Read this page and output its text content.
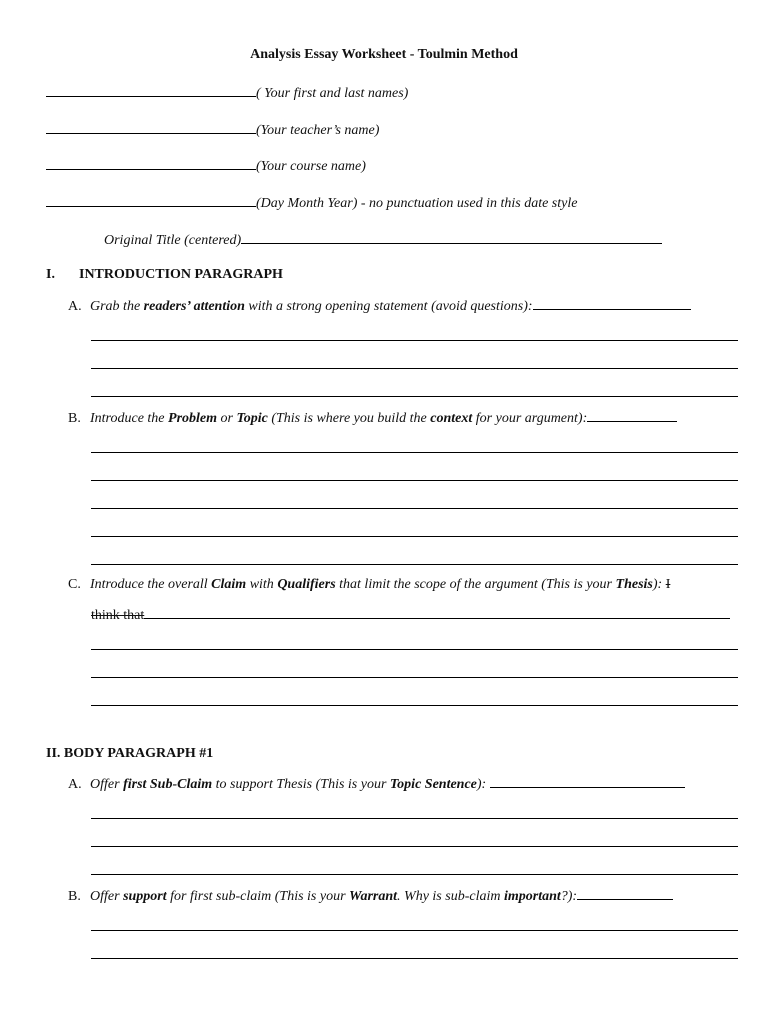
Analysis Essay Worksheet - Toulmin Method
( Your first and last names)
(Your teacher’s name)
(Your course name)
(Day Month Year) - no punctuation used in this date style
Original Title (centered)
I. INTRODUCTION PARAGRAPH
A. Grab the readers’ attention with a strong opening statement (avoid questions):
B. Introduce the Problem or Topic (This is where you build the context for your argument):
C. Introduce the overall Claim with Qualifiers that limit the scope of the argument (This is your Thesis): I
think that
II. BODY PARAGRAPH #1
A. Offer first Sub-Claim to support Thesis (This is your Topic Sentence):
B. Offer support for first sub-claim (This is your Warrant. Why is sub-claim important?):
